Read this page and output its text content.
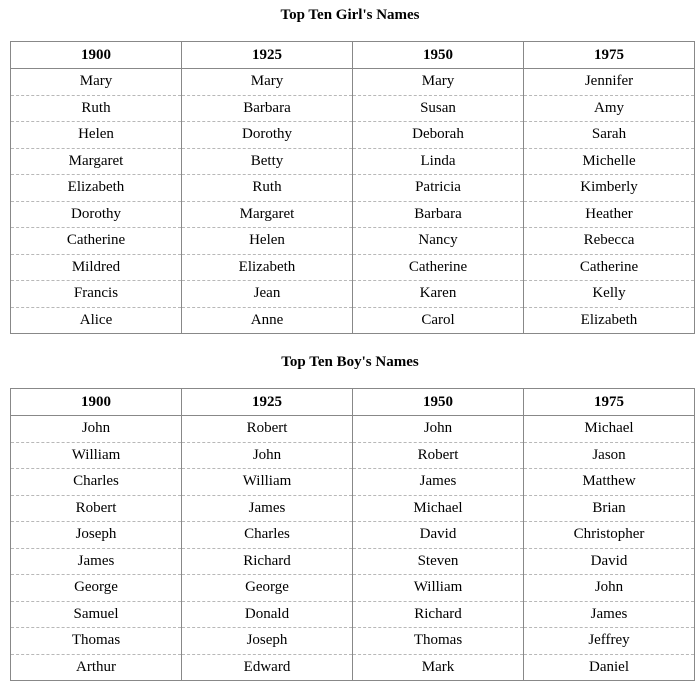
Top Ten Girl's Names
1900	1925	1950	1975
Mary	Mary	Mary	Jennifer
Ruth	Barbara	Susan	Amy
Helen	Dorothy	Deborah	Sarah
Margaret	Betty	Linda	Michelle
Elizabeth	Ruth	Patricia	Kimberly
Dorothy	Margaret	Barbara	Heather
Catherine	Helen	Nancy	Rebecca
Mildred	Elizabeth	Catherine	Catherine
Francis	Jean	Karen	Kelly
Alice	Anne	Carol	Elizabeth
Top Ten Boy's Names
1900	1925	1950	1975
John	Robert	John	Michael
William	John	Robert	Jason
Charles	William	James	Matthew
Robert	James	Michael	Brian
Joseph	Charles	David	Christopher
James	Richard	Steven	David
George	George	William	John
Samuel	Donald	Richard	James
Thomas	Joseph	Thomas	Jeffrey
Arthur	Edward	Mark	Daniel
